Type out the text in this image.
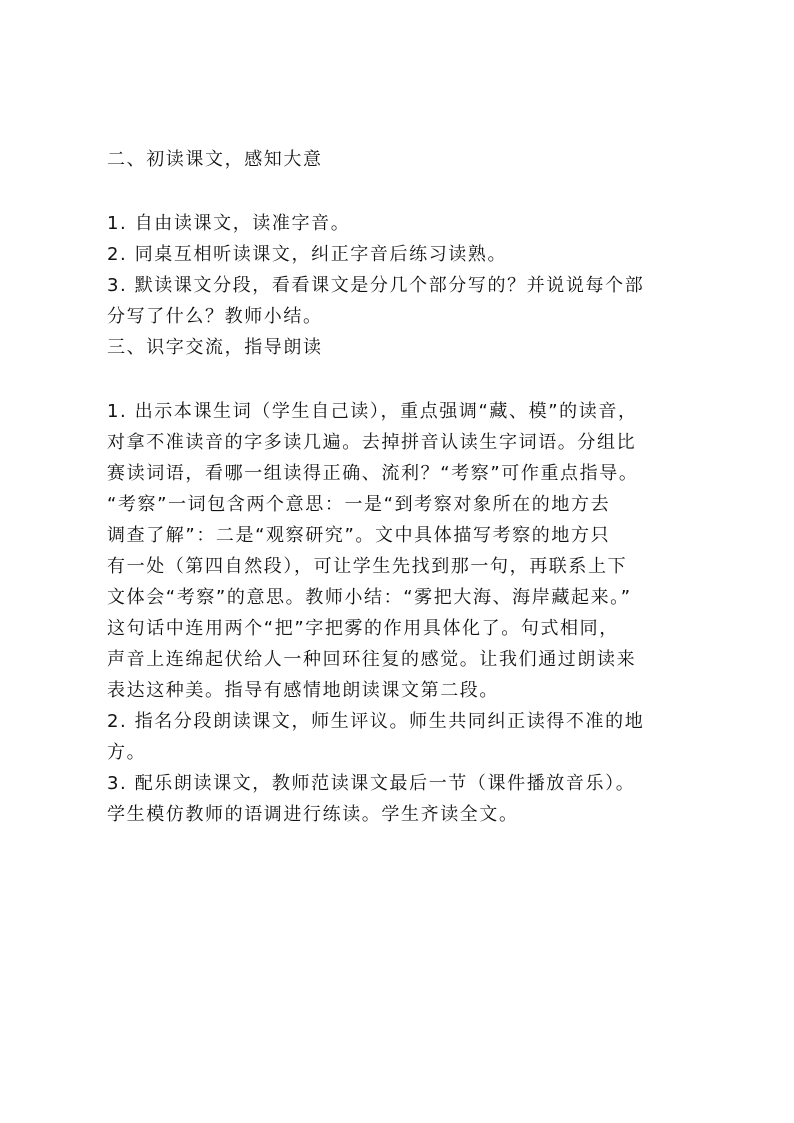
二、初读课文，感知大意

1. 自由读课文，读准字音。

2. 同桌互相听读课文，纠正字音后练习读熟。

3. 默读课文分段，看看课文是分几个部分写的？并说说每个部

分写了什么？教师小结。

三、识字交流，指导朗读

1. 出示本课生词（学生自己读），重点强调“藏、模”的读音，

对拿不准读音的字多读几遍。去掉拼音认读生字词语。分组比

赛读词语，看哪一组读得正确、流利？“考察”可作重点指导。

“考察”一词包含两个意思：一是“到考察对象所在的地方去

调查了解”：二是“观察研究”。文中具体描写考察的地方只

有一处（第四自然段），可让学生先找到那一句，再联系上下

文体会“考察”的意思。教师小结：“雾把大海、海岸藏起来。”

这句话中连用两个“把”字把雾的作用具体化了。句式相同，

声音上连绵起伏给人一种回环往复的感觉。让我们通过朗读来

表达这种美。指导有感情地朗读课文第二段。

2. 指名分段朗读课文，师生评议。师生共同纠正读得不准的地

方。

3. 配乐朗读课文，教师范读课文最后一节（课件播放音乐）。

学生模仿教师的语调进行练读。学生齐读全文。
